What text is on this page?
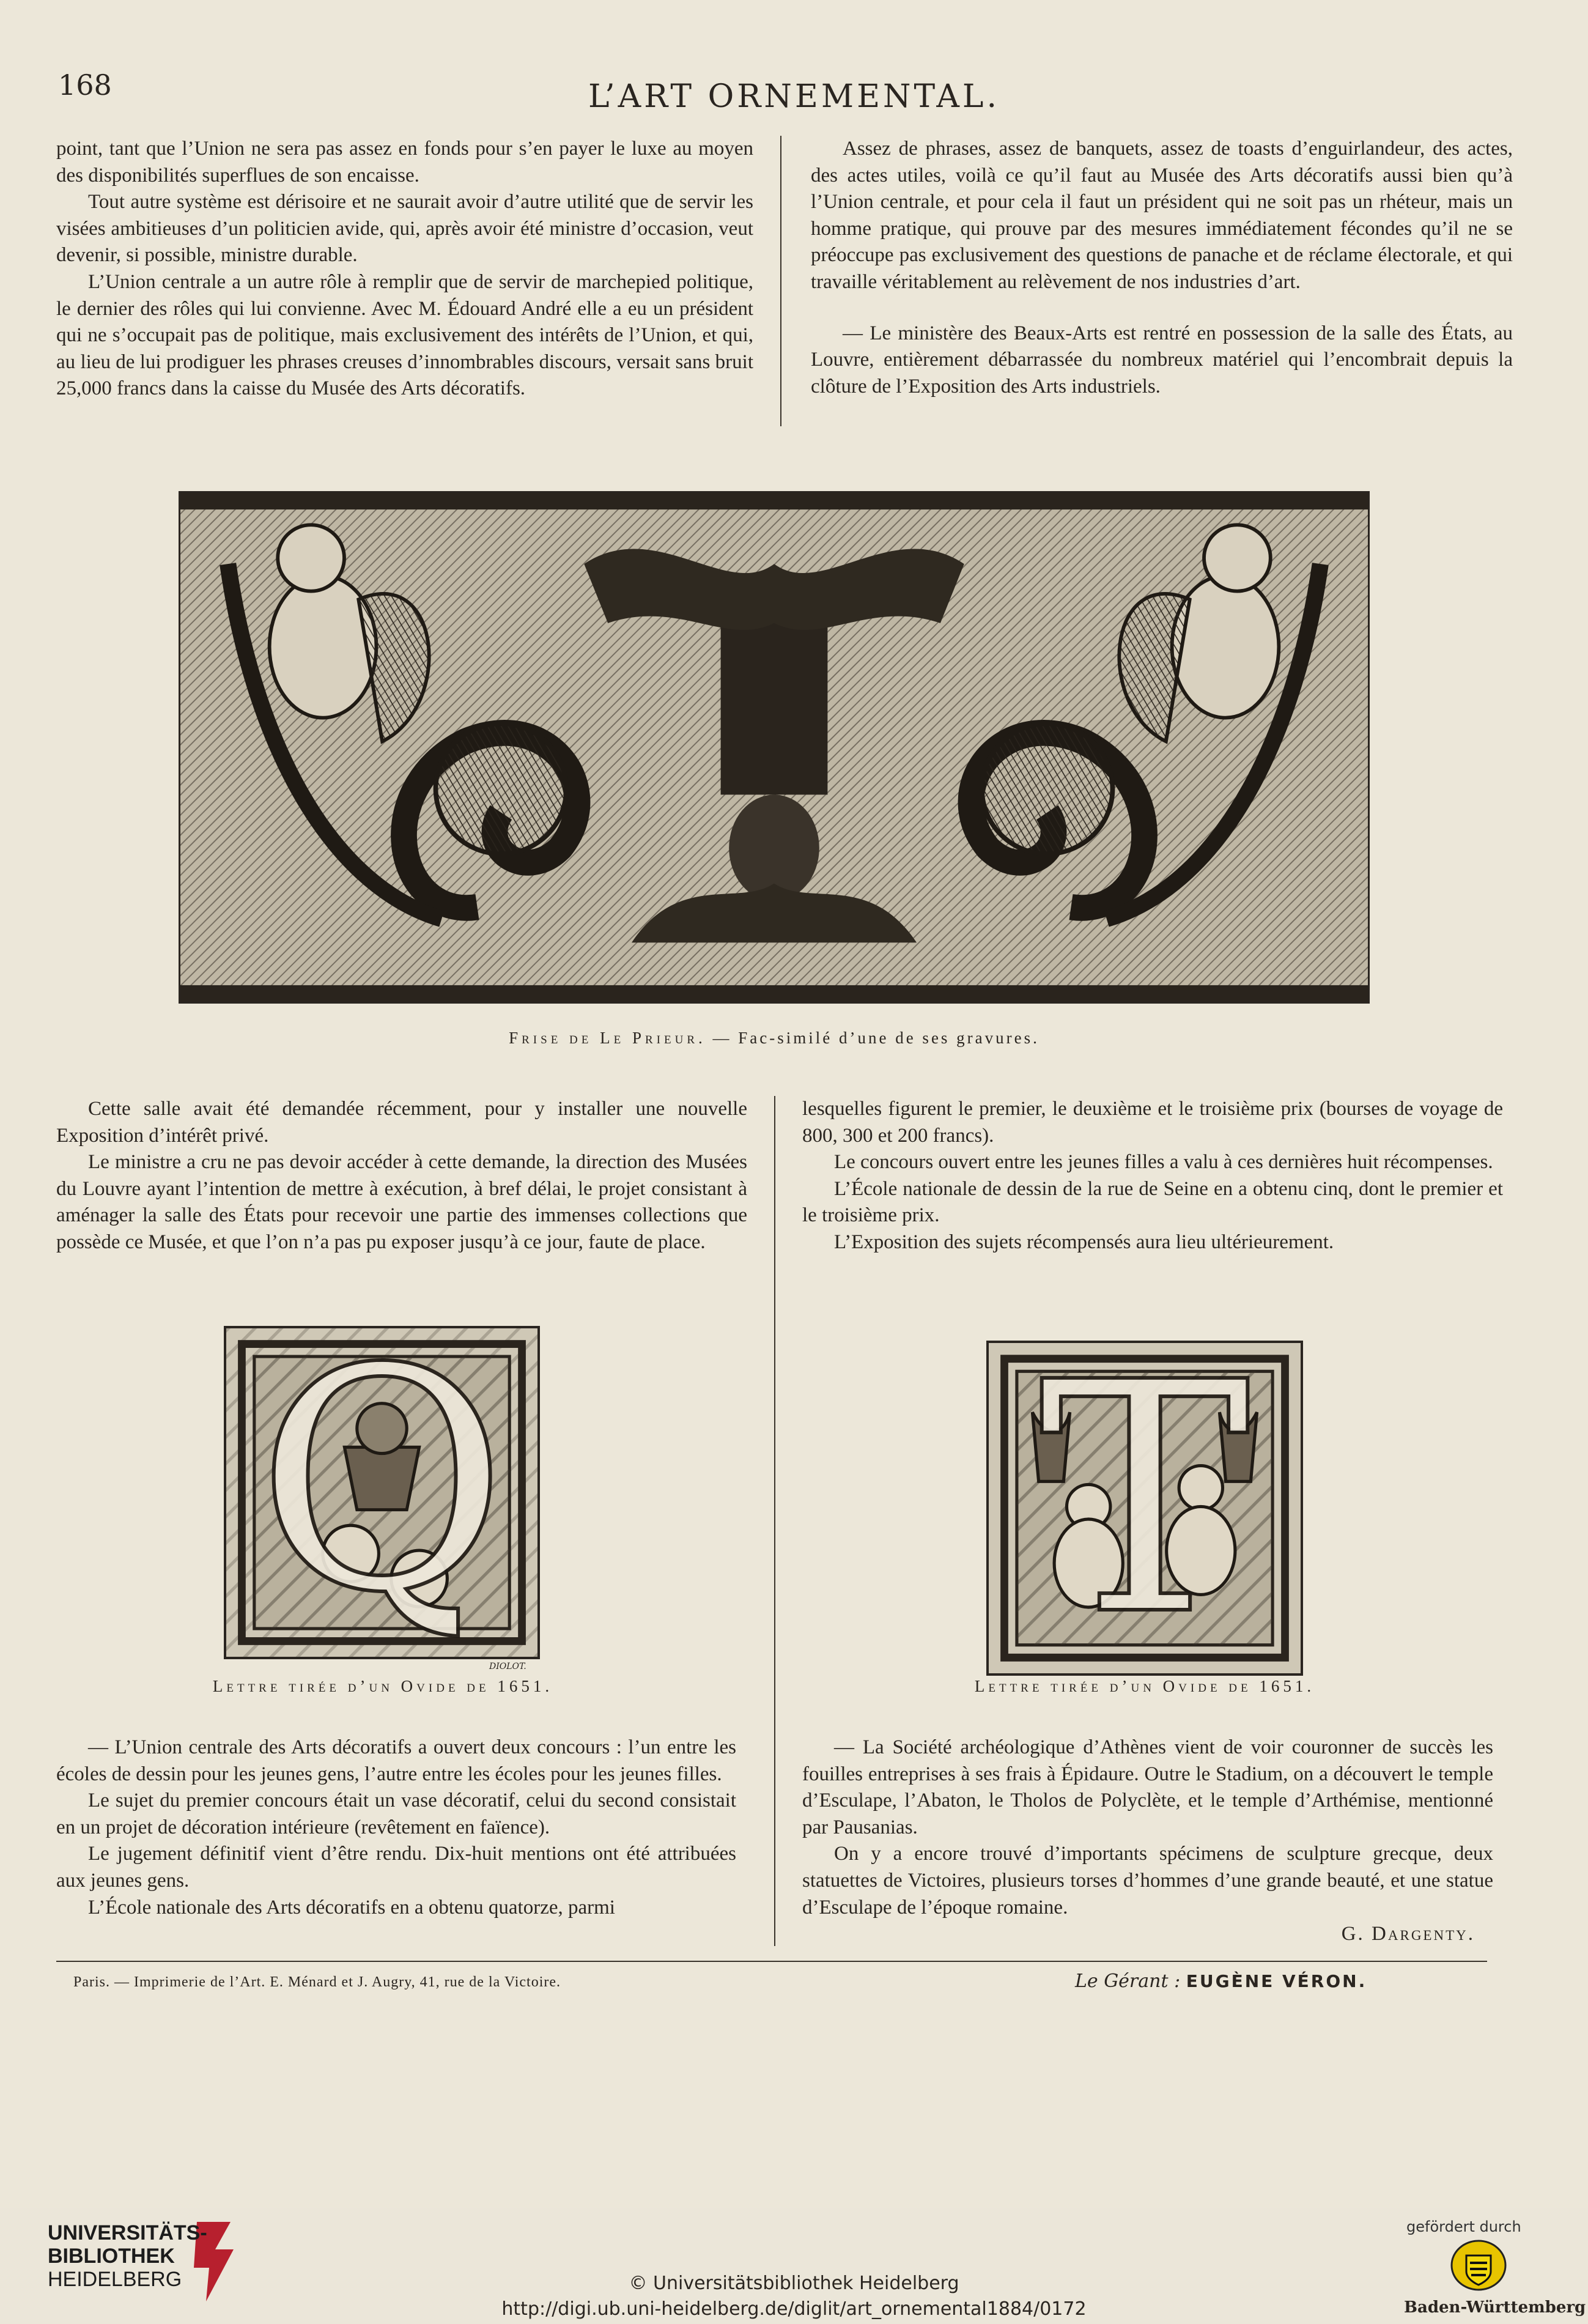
168	L’ART ORNEMENTAL.

point, tant que l’Union ne sera pas assez en fonds pour s’en payer le luxe au moyen des disponibilités superflues de son encaisse.

Tout autre système est dérisoire et ne saurait avoir d’autre utilité que de servir les visées ambitieuses d’un politicien avide, qui, après avoir été ministre d’occasion, veut devenir, si possible, ministre durable.

L’Union centrale a un autre rôle à remplir que de servir de marchepied politique, le dernier des rôles qui lui convienne. Avec M. Édouard André elle a eu un président qui ne s’occupait pas de politique, mais exclusivement des intérêts de l’Union, et qui, au lieu de lui prodiguer les phrases creuses d’innombrables discours, versait sans bruit 25,000 francs dans la caisse du Musée des Arts décoratifs.

Assez de phrases, assez de banquets, assez de toasts d’enguirlandeur, des actes, des actes utiles, voilà ce qu’il faut au Musée des Arts décoratifs aussi bien qu’à l’Union centrale, et pour cela il faut un président qui ne soit pas un rhéteur, mais un homme pratique, qui prouve par des mesures immédiatement fécondes qu’il ne se préoccupe pas exclusivement des questions de panache et de réclame électorale, et qui travaille véritablement au relèvement de nos industries d’art.

— Le ministère des Beaux-Arts est rentré en possession de la salle des États, au Louvre, entièrement débarrassée du nombreux matériel qui l’encombrait depuis la clôture de l’Exposition des Arts industriels.

Frise de Le Prieur. — Fac-similé d’une de ses gravures.

Cette salle avait été demandée récemment, pour y installer une nouvelle Exposition d’intérêt privé.

Le ministre a cru ne pas devoir accéder à cette demande, la direction des Musées du Louvre ayant l’intention de mettre à exécution, à bref délai, le projet consistant à aménager la salle des États pour recevoir une partie des immenses collections que possède ce Musée, et que l’on n’a pas pu exposer jusqu’à ce jour, faute de place.

lesquelles figurent le premier, le deuxième et le troisième prix (bourses de voyage de 800, 300 et 200 francs).

Le concours ouvert entre les jeunes filles a valu à ces dernières huit récompenses.

L’École nationale de dessin de la rue de Seine en a obtenu cinq, dont le premier et le troisième prix.

L’Exposition des sujets récompensés aura lieu ultérieurement.

Q
DIOLOT.
Lettre tirée d’un Ovide de 1651.
T
Lettre tirée d’un Ovide de 1651.

— L’Union centrale des Arts décoratifs a ouvert deux concours : l’un entre les écoles de dessin pour les jeunes gens, l’autre entre les écoles pour les jeunes filles.

Le sujet du premier concours était un vase décoratif, celui du second consistait en un projet de décoration intérieure (revêtement en faïence).

Le jugement définitif vient d’être rendu. Dix-huit mentions ont été attribuées aux jeunes gens.

L’École nationale des Arts décoratifs en a obtenu quatorze, parmi

— La Société archéologique d’Athènes vient de voir couronner de succès les fouilles entreprises à ses frais à Épidaure. Outre le Stadium, on a découvert le temple d’Esculape, l’Abaton, le Tholos de Polyclète, et le temple d’Arthémise, mentionné par Pausanias.

On y a encore trouvé d’importants spécimens de sculpture grecque, deux statuettes de Victoires, plusieurs torses d’hommes d’une grande beauté, et une statue d’Esculape de l’époque romaine.

G. Dargenty.

Paris. — Imprimerie de l’Art. E. Ménard et J. Augry, 41, rue de la Victoire.	Le Gérant : EUGÈNE VÉRON.
UNIVERSITÄTS-
BIBLIOTHEK
HEIDELBERG	© Universitätsbibliothek Heidelberg
http://digi.ub.uni-heidelberg.de/diglit/art_ornemental1884/0172
gefördert durch
Baden-Württemberg
